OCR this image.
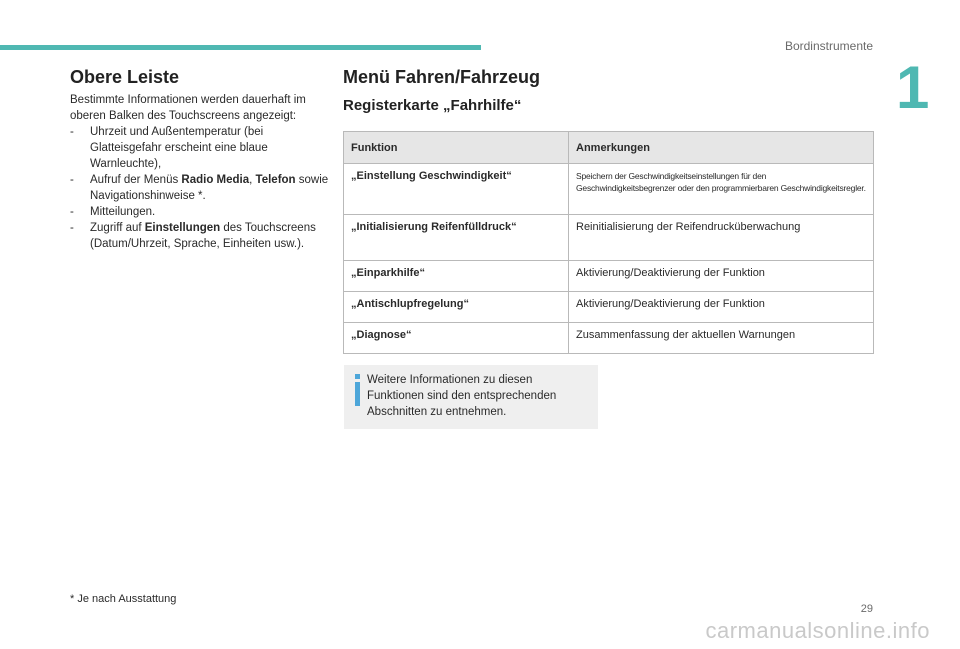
Bordinstrumente
1
Obere Leiste

Bestimmte Informationen werden dauerhaft im oberen Balken des Touchscreens angezeigt:

- Uhrzeit und Außentemperatur (bei Glatteisgefahr erscheint eine blaue Warnleuchte),
- Aufruf der Menüs Radio Media, Telefon sowie Navigationshinweise *.
- Mitteilungen.
- Zugriff auf Einstellungen des Touchscreens (Datum/Uhrzeit, Sprache, Einheiten usw.).
Menü Fahren/Fahrzeug
Registerkarte „Fahrhilfe“
Funktion	Anmerkungen
„Einstellung Geschwindigkeit“	Speichern der Geschwindigkeitseinstellungen für den Geschwindigkeitsbegrenzer oder den programmierbaren Geschwindigkeitsregler.
„Initialisierung Reifenfülldruck“	Reinitialisierung der Reifendrucküberwachung
„Einparkhilfe“	Aktivierung/Deaktivierung der Funktion
„Antischlupfregelung“	Aktivierung/Deaktivierung der Funktion
„Diagnose“	Zusammenfassung der aktuellen Warnungen
Weitere Informationen zu diesen Funktionen sind den entsprechenden Abschnitten zu entnehmen.
* Je nach Ausstattung
29
carmanualsonline.info
